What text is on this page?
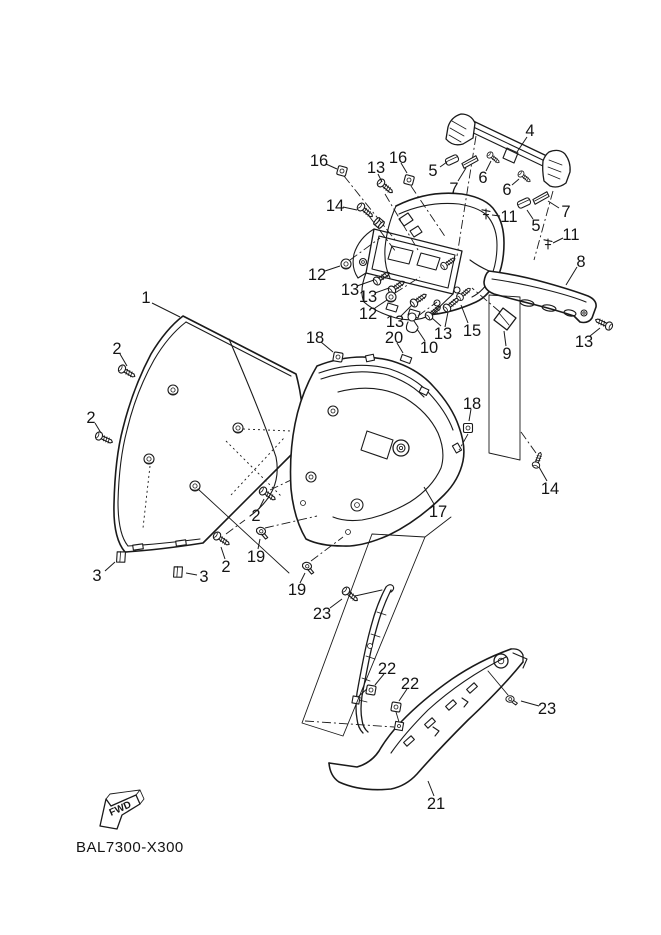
FWD
BAL7300-X300
1
2
2
2
2
3	3
4
5
5
6
6
7
7
8
9
10
11
11
12
12
13
13 13
13
13	13
14
14
15
16	16
17
18
18
19
19
20
21
22
22
23
23
